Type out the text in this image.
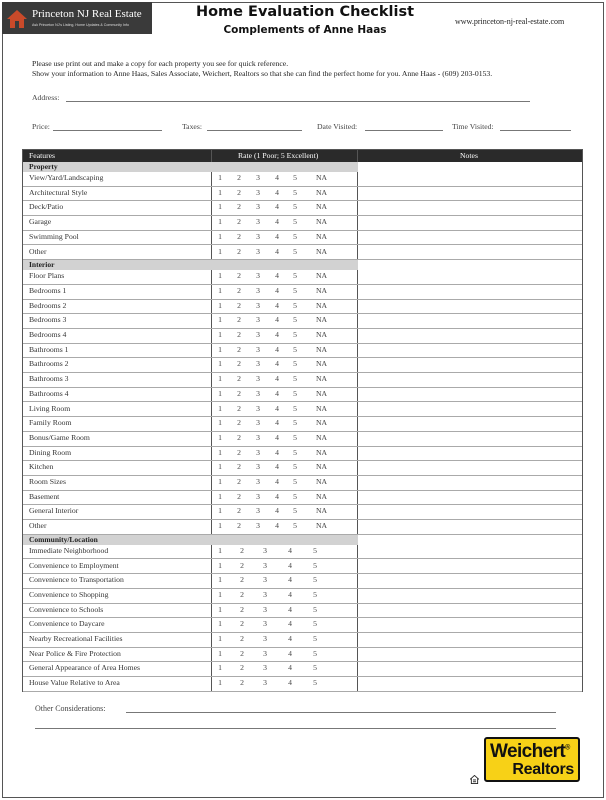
Princeton NJ Real Estate
Ask Princeton NJ's Listing, Home Updates & Community Info
Home Evaluation Checklist
Complements of Anne Haas
www.princeton-nj-real-estate.com
Please use print out and make a copy for each property you see for quick reference.
Show your information to Anne Haas, Sales Associate, Weichert, Realtors so that she can find the perfect home for you. Anne Haas - (609) 203-0153.
Address:
Price:	Taxes:	Date Visited:	Time Visited:
Features	Rate (1 Poor; 5 Excellent)	Notes
Property
View/Yard/Landscaping	1	2	3	4	5	NA
Architectural Style	1	2	3	4	5	NA
Deck/Patio	1	2	3	4	5	NA
Garage	1	2	3	4	5	NA
Swimming Pool	1	2	3	4	5	NA
Other	1	2	3	4	5	NA
Interior
Floor Plans	1	2	3	4	5	NA
Bedrooms 1	1	2	3	4	5	NA
Bedrooms 2	1	2	3	4	5	NA
Bedrooms 3	1	2	3	4	5	NA
Bedrooms 4	1	2	3	4	5	NA
Bathrooms 1	1	2	3	4	5	NA
Bathrooms 2	1	2	3	4	5	NA
Bathrooms 3	1	2	3	4	5	NA
Bathrooms 4	1	2	3	4	5	NA
Living Room	1	2	3	4	5	NA
Family Room	1	2	3	4	5	NA
Bonus/Game Room	1	2	3	4	5	NA
Dining Room	1	2	3	4	5	NA
Kitchen	1	2	3	4	5	NA
Room Sizes	1	2	3	4	5	NA
Basement	1	2	3	4	5	NA
General Interior	1	2	3	4	5	NA
Other	1	2	3	4	5	NA
Community/Location
Immediate Neighborhood	1	2	3	4	5
Convenience to Employment	1	2	3	4	5
Convenience to Transportation	1	2	3	4	5
Convenience to Shopping	1	2	3	4	5
Convenience to Schools	1	2	3	4	5
Convenience to Daycare	1	2	3	4	5
Nearby Recreational Facilities	1	2	3	4	5
Near Police & Fire Protection	1	2	3	4	5
General Appearance of Area Homes	1	2	3	4	5
House Value Relative to Area	1	2	3	4	5
Other Considerations:
Weichert®
Realtors
